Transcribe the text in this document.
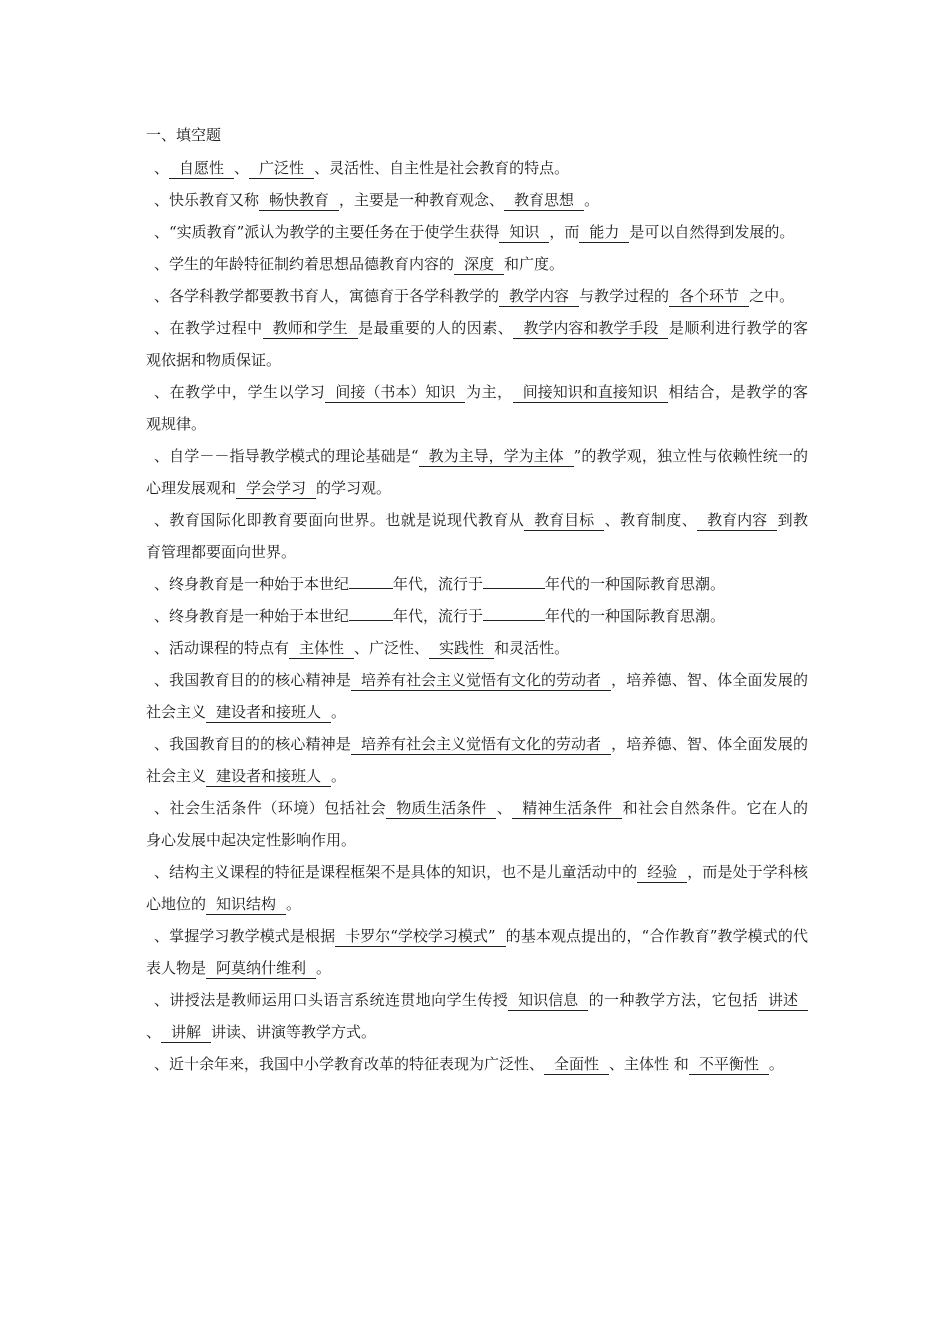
一、填空题

、 自愿性 、 广泛性 、灵活性、自主性是社会教育的特点。

、快乐教育又称 畅快教育 ，主要是一种教育观念、 教育思想 。

、“实质教育”派认为教学的主要任务在于使学生获得 知识 ，而 能力 是可以自然得到发展的。

、学生的年龄特征制约着思想品德教育内容的 深度 和广度。

、各学科教学都要教书育人，寓德育于各学科教学的 教学内容 与教学过程的 各个环节 之中。

、在教学过程中 教师和学生 是最重要的人的因素、 教学内容和教学手段 是顺利进行教学的客观依据和物质保证。

、在教学中，学生以学习 间接（书本）知识 为主， 间接知识和直接知识 相结合，是教学的客观规律。

、自学－－指导教学模式的理论基础是“ 教为主导，学为主体 ”的教学观，独立性与依赖性统一的心理发展观和 学会学习 的学习观。

、教育国际化即教育要面向世界。也就是说现代教育从 教育目标 、教育制度、 教育内容 到教育管理都要面向世界。

、终身教育是一种始于本世纪	年代，流行于	年代的一种国际教育思潮。

、终身教育是一种始于本世纪	年代，流行于	年代的一种国际教育思潮。

、活动课程的特点有 主体性 、广泛性、 实践性 和灵活性。

、我国教育目的的核心精神是 培养有社会主义觉悟有文化的劳动者 ，培养德、智、体全面发展的社会主义 建设者和接班人 。

、我国教育目的的核心精神是 培养有社会主义觉悟有文化的劳动者 ，培养德、智、体全面发展的社会主义 建设者和接班人 。

、社会生活条件（环境）包括社会 物质生活条件 、 精神生活条件 和社会自然条件。它在人的身心发展中起决定性影响作用。

、结构主义课程的特征是课程框架不是具体的知识，也不是儿童活动中的 经验 ，而是处于学科核心地位的 知识结构 。

、掌握学习教学模式是根据 卡罗尔“学校学习模式” 的基本观点提出的，“合作教育”教学模式的代表人物是 阿莫纳什维利 。

、讲授法是教师运用口头语言系统连贯地向学生传授 知识信息 的一种教学方法，它包括 讲述、 讲解 讲读、讲演等教学方式。

、近十余年来，我国中小学教育改革的特征表现为广泛性、 全面性 、主体性 和 不平衡性 。
